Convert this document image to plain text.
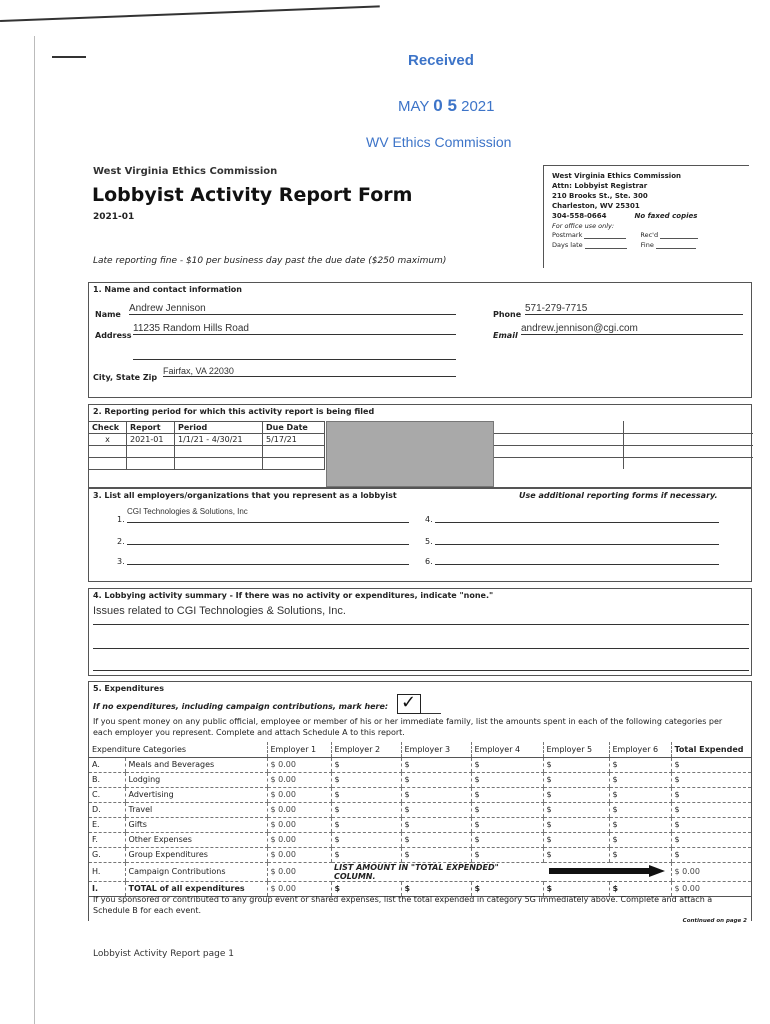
Received
MAY 0 5 2021
WV Ethics Commission
West Virginia Ethics Commission
Lobbyist Activity Report Form
2021-01
Late reporting fine - $10 per business day past the due date ($250 maximum)
West Virginia Ethics Commission
Attn: Lobbyist Registrar
210 Brooks St., Ste. 300
Charleston, WV 25301
304-558-0664	No faxed copies
For office use only:
Postmark	Rec'd
Days late	Fine
1. Name and contact information
Name
Andrew Jennison
Address
11235 Random Hills Road
City, State Zip
Fairfax, VA 22030
Phone
571-279-7715
Email
andrew.jennison@cgi.com
2. Reporting period for which this activity report is being filed
Check	Report	Period	Due Date
x	2021-01	1/1/21 - 4/30/21	5/17/21

3. List all employers/organizations that you represent as a lobbyist	Use additional reporting forms if necessary.
1.
CGI Technologies & Solutions, Inc
2.
3.
4.
5.
6.
4. Lobbying activity summary - If there was no activity or expenditures, indicate "none."
Issues related to CGI Technologies & Solutions, Inc.
5. Expenditures
If no expenditures, including campaign contributions, mark here: ✓
If you spent money on any public official, employee or member of his or her immediate family, list the amounts spent in each of the following categories per each employer you represent. Complete and attach Schedule A to this report.
Expenditure Categories		Employer 1	Employer 2	Employer 3	Employer 4	Employer 5	Employer 6	Total Expended
A.	Meals and Beverages	$ 0.00	$	$	$	$	$	$
B.	Lodging	$ 0.00	$	$	$	$	$	$
C.	Advertising	$ 0.00	$	$	$	$	$	$
D.	Travel	$ 0.00	$	$	$	$	$	$
E.	Gifts	$ 0.00	$	$	$	$	$	$
F.	Other Expenses	$ 0.00	$	$	$	$	$	$
G.	Group Expenditures	$ 0.00	$	$	$	$	$	$
H.	Campaign Contributions	$ 0.00	LIST AMOUNT IN "TOTAL EXPENDED" COLUMN.					$ 0.00
I.	TOTAL of all expenditures	$ 0.00	$	$	$	$	$	$ 0.00
If you sponsored or contributed to any group event or shared expenses, list the total expended in category 5G immediately above. Complete and attach a Schedule B for each event.
Continued on page 2
Lobbyist Activity Report page 1
